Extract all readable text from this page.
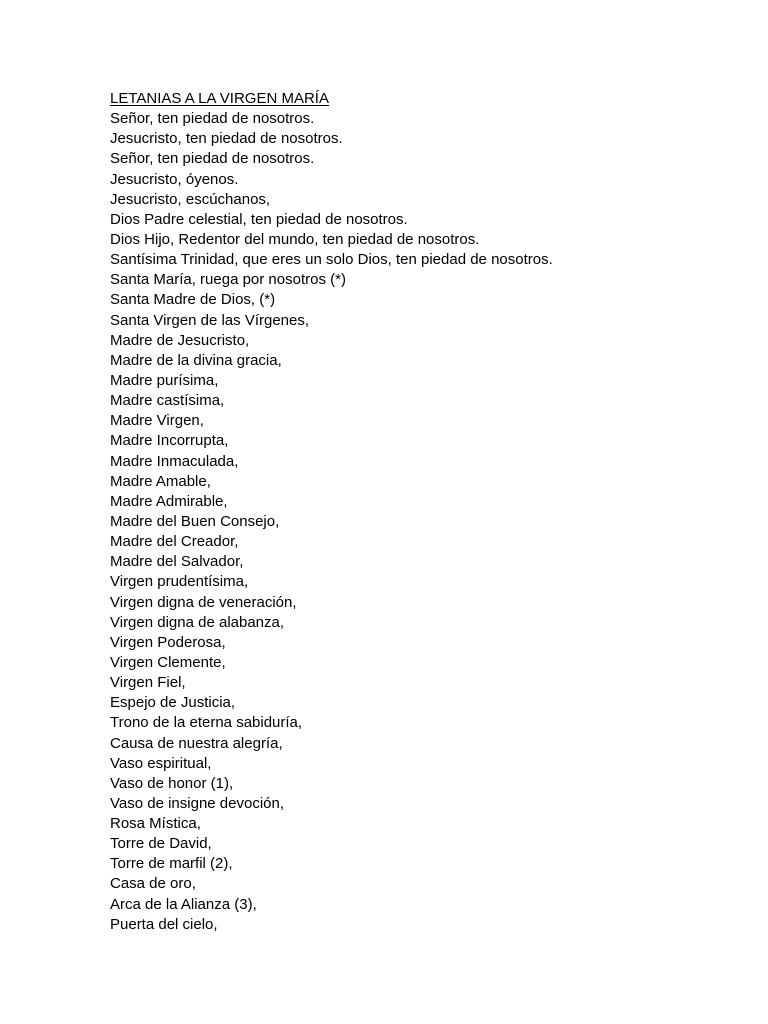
LETANIAS A LA VIRGEN MARÍA
Señor, ten piedad de nosotros.
Jesucristo, ten piedad de nosotros.
Señor, ten piedad de nosotros.
Jesucristo, óyenos.
Jesucristo, escúchanos,
Dios Padre celestial, ten piedad de nosotros.
Dios Hijo, Redentor del mundo, ten piedad de nosotros.
Santísima Trinidad, que eres un solo Dios, ten piedad de nosotros.
Santa María, ruega por nosotros (*)
Santa Madre de Dios, (*)
Santa Virgen de las Vírgenes,
Madre de Jesucristo,
Madre de la divina gracia,
Madre purísima,
Madre castísima,
Madre Virgen,
Madre Incorrupta,
Madre Inmaculada,
Madre Amable,
Madre Admirable,
Madre del Buen Consejo,
Madre del Creador,
Madre del Salvador,
Virgen prudentísima,
Virgen digna de veneración,
Virgen digna de alabanza,
Virgen Poderosa,
Virgen Clemente,
Virgen Fiel,
Espejo de Justicia,
Trono de la eterna sabiduría,
Causa de nuestra alegría,
Vaso espiritual,
Vaso de honor (1),
Vaso de insigne devoción,
Rosa Mística,
Torre de David,
Torre de marfil (2),
Casa de oro,
Arca de la Alianza (3),
Puerta del cielo,
